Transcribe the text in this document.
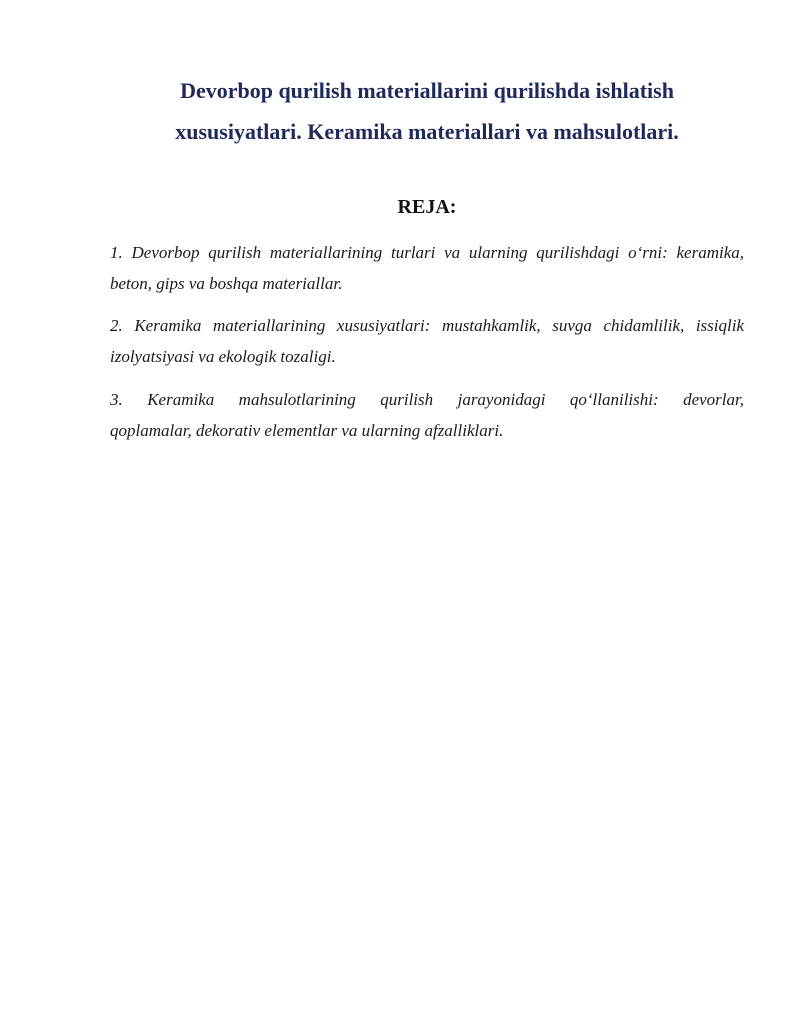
Devorbop qurilish materiallarini qurilishda ishlatish
xususiyatlari. Keramika materiallari va mahsulotlari.
REJA:
1. Devorbop qurilish materiallarining turlari va ularning qurilishdagi o‘rni: keramika,
beton, gips va boshqa materiallar.
2. Keramika materiallarining xususiyatlari: mustahkamlik, suvga chidamlilik, issiqlik
izolyatsiyasi va ekologik tozaligi.
3. Keramika mahsulotlarining qurilish jarayonidagi qo‘llanilishi: devorlar,
qoplamalar, dekorativ elementlar va ularning afzalliklari.
